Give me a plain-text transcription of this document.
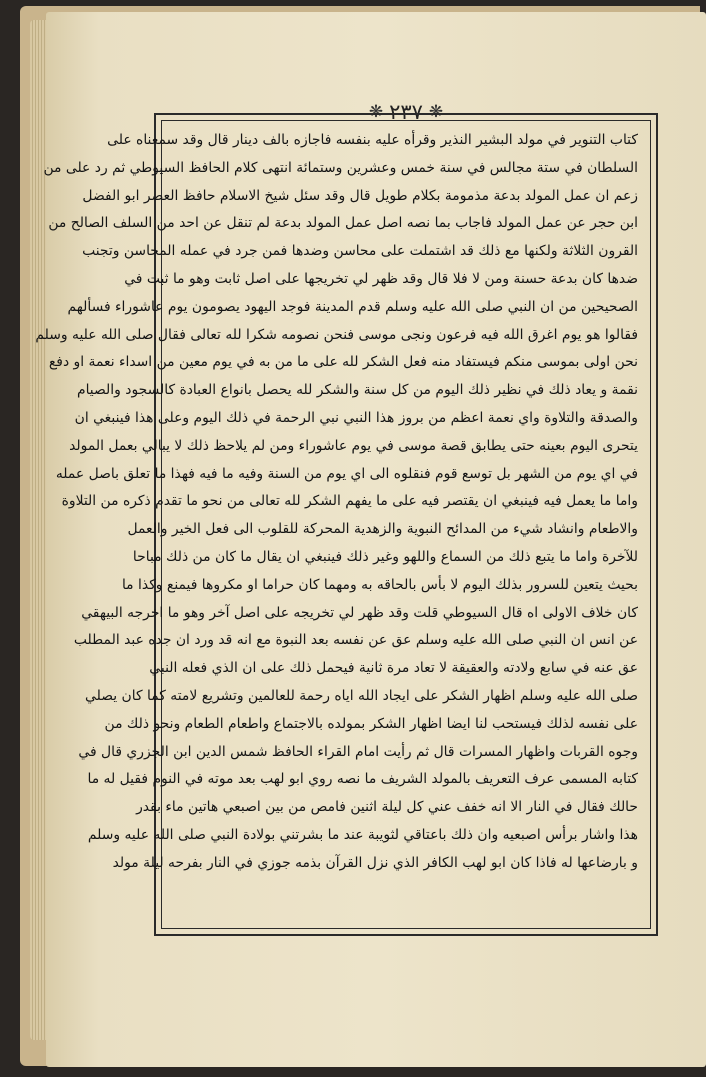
❋
٢٣٧
❋
كتاب التنوير في مولد البشير النذير وقرأه عليه بنفسه فاجازه بالف دينار قال وقد سمعناه على
السلطان في ستة مجالس في سنة خمس وعشرين وستمائة انتهى كلام الحافظ السيوطي ثم رد على من
زعم ان عمل المولد بدعة مذمومة بكلام طويل قال وقد سئل شيخ الاسلام حافظ العصر ابو الفضل
ابن حجر عن عمل المولد فاجاب بما نصه اصل عمل المولد بدعة لم تنقل عن احد من السلف الصالح من
القرون الثلاثة ولكنها مع ذلك قد اشتملت على محاسن وضدها فمن جرد في عمله المحاسن وتجنب
ضدها كان بدعة حسنة ومن لا فلا قال وقد ظهر لي تخريجها على اصل ثابت وهو ما ثبت في
الصحيحين من ان النبي صلى الله عليه وسلم قدم المدينة فوجد اليهود يصومون يوم عاشوراء فسألهم
فقالوا هو يوم اغرق الله فيه فرعون ونجى موسى فنحن نصومه شكرا لله تعالى فقال صلى الله عليه وسلم
نحن اولى بموسى منكم فيستفاد منه فعل الشكر لله على ما من به في يوم معين من اسداء نعمة او دفع
نقمة و يعاد ذلك في نظير ذلك اليوم من كل سنة والشكر لله يحصل بانواع العبادة كالسجود والصيام
والصدقة والتلاوة واي نعمة اعظم من بروز هذا النبي نبي الرحمة في ذلك اليوم وعلى هذا فينبغي ان
يتحرى اليوم بعينه حتى يطابق قصة موسى في يوم عاشوراء ومن لم يلاحظ ذلك لا يبالي بعمل المولد
في اي يوم من الشهر بل توسع قوم فنقلوه الى اي يوم من السنة وفيه ما فيه فهذا ما تعلق باصل عمله
واما ما يعمل فيه فينبغي ان يقتصر فيه على ما يفهم الشكر لله تعالى من نحو ما تقدم ذكره من التلاوة
والاطعام وانشاد شيء من المدائح النبوية والزهدية المحركة للقلوب الى فعل الخير والعمل
للآخرة واما ما يتبع ذلك من السماع واللهو وغير ذلك فينبغي ان يقال ما كان من ذلك مباحا
بحيث يتعين للسرور بذلك اليوم لا بأس بالحاقه به ومهما كان حراما او مكروها فيمنع وكذا ما
كان خلاف الاولى اه قال السيوطي قلت وقد ظهر لي تخريجه على اصل آخر وهو ما اخرجه البيهقي
عن انس ان النبي صلى الله عليه وسلم عق عن نفسه بعد النبوة مع انه قد ورد ان جده عبد المطلب
عق عنه في سابع ولادته والعقيقة لا تعاد مرة ثانية فيحمل ذلك على ان الذي فعله النبي
صلى الله عليه وسلم اظهار الشكر على ايجاد الله اياه رحمة للعالمين وتشريع لامته كما كان يصلي
على نفسه لذلك فيستحب لنا ايضا اظهار الشكر بمولده بالاجتماع واطعام الطعام ونحو ذلك من
وجوه القربات واظهار المسرات قال ثم رأيت امام القراء الحافظ شمس الدين ابن الجزري قال في
كتابه المسمى عرف التعريف بالمولد الشريف ما نصه روي ابو لهب بعد موته في النوم فقيل له ما
حالك فقال في النار الا انه خفف عني كل ليلة اثنين فامص من بين اصبعي هاتين ماء بقدر
هذا واشار برأس اصبعيه وان ذلك باعتاقي لثويبة عند ما بشرتني بولادة النبي صلى الله عليه وسلم
و بارضاعها له فاذا كان ابو لهب الكافر الذي نزل القرآن بذمه جوزي في النار بفرحه ليلة مولد
